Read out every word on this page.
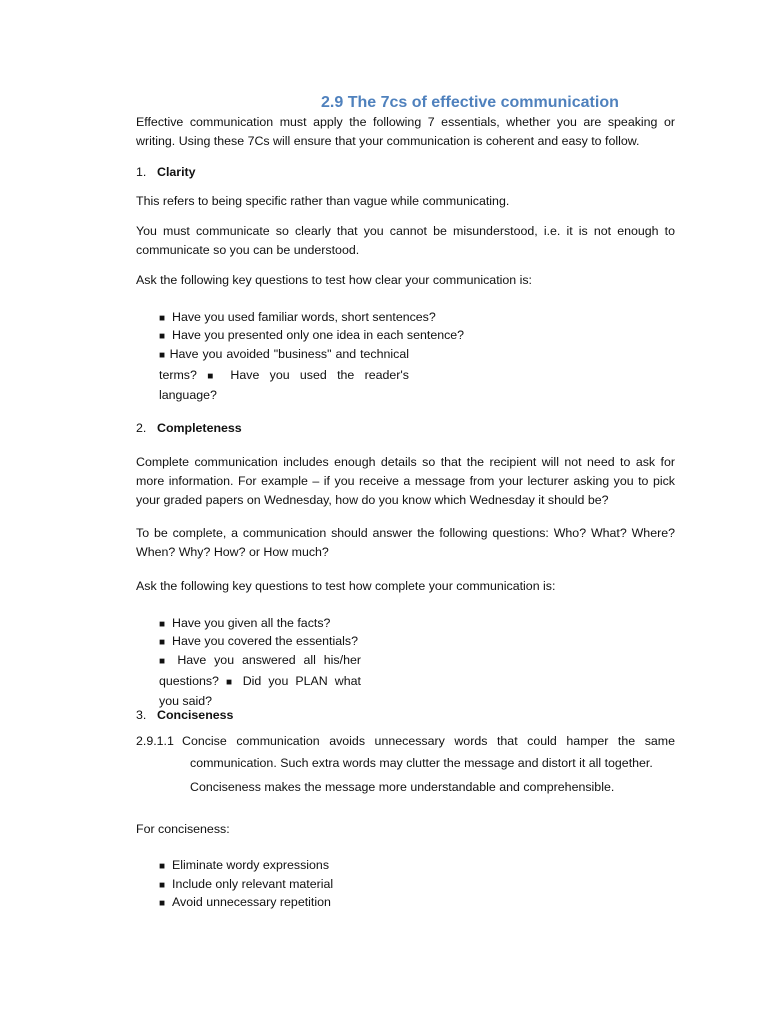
2.9 The 7cs of effective communication

Effective communication must apply the following 7 essentials, whether you are speaking or writing. Using these 7Cs will ensure that your communication is coherent and easy to follow.

1. Clarity

This refers to being specific rather than vague while communicating.

You must communicate so clearly that you cannot be misunderstood, i.e. it is not enough to communicate so you can be understood.

Ask the following key questions to test how clear your communication is:

■ Have you used familiar words, short sentences?
■ Have you presented only one idea in each sentence?
■ Have you avoided "business" and technical terms? ■ Have you used the reader's language?
2. Completeness

Complete communication includes enough details so that the recipient will not need to ask for more information. For example – if you receive a message from your lecturer asking you to pick your graded papers on Wednesday, how do you know which Wednesday it should be?

To be complete, a communication should answer the following questions: Who? What? Where? When? Why? How? or How much?

Ask the following key questions to test how complete your communication is:

■ Have you given all the facts?
■ Have you covered the essentials?
■ Have you answered all his/her questions? ■ Did you PLAN what you said?
3. Conciseness
2.9.1.1 Concise communication avoids unnecessary words that could hamper the same
communication. Such extra words may clutter the message and distort it all together.
Conciseness makes the message more understandable and comprehensible.

For conciseness:

■ Eliminate wordy expressions
■ Include only relevant material
■ Avoid unnecessary repetition
